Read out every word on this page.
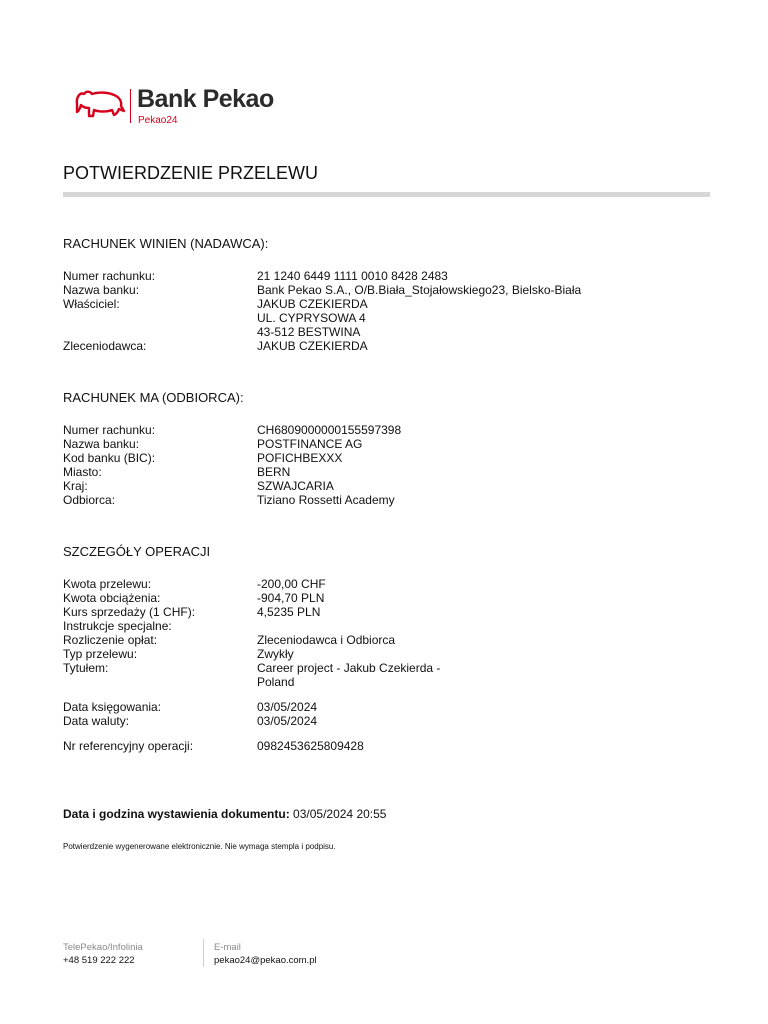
Bank Pekao
Pekao24
POTWIERDZENIE PRZELEWU
RACHUNEK WINIEN (NADAWCA):
Numer rachunku:	21 1240 6449 1111 0010 8428 2483
Nazwa banku:	Bank Pekao S.A., O/B.Biała_Stojałowskiego23, Bielsko-Biała
Właściciel:	JAKUB CZEKIERDA
UL. CYPRYSOWA 4
43-512 BESTWINA
Zleceniodawca:	JAKUB CZEKIERDA
RACHUNEK MA (ODBIORCA):
Numer rachunku:	CH6809000000155597398
Nazwa banku:	POSTFINANCE AG
Kod banku (BIC):	POFICHBEXXX
Miasto:	BERN
Kraj:	SZWAJCARIA
Odbiorca:	Tiziano Rossetti Academy
SZCZEGÓŁY OPERACJI
Kwota przelewu:	-200,00 CHF
Kwota obciążenia:	-904,70 PLN
Kurs sprzedaży (1 CHF):	4,5235 PLN
Instrukcje specjalne:
Rozliczenie opłat:	Zleceniodawca i Odbiorca
Typ przelewu:	Zwykły
Tytułem:	Career project - Jakub Czekierda -
Poland
Data księgowania:	03/05/2024
Data waluty:	03/05/2024
Nr referencyjny operacji:	0982453625809428
Data i godzina wystawienia dokumentu: 03/05/2024 20:55
Potwierdzenie wygenerowane elektronicznie. Nie wymaga stempla i podpisu.
TelePekao/Infolinia
+48 519 222 222
E-mail
pekao24@pekao.com.pl
